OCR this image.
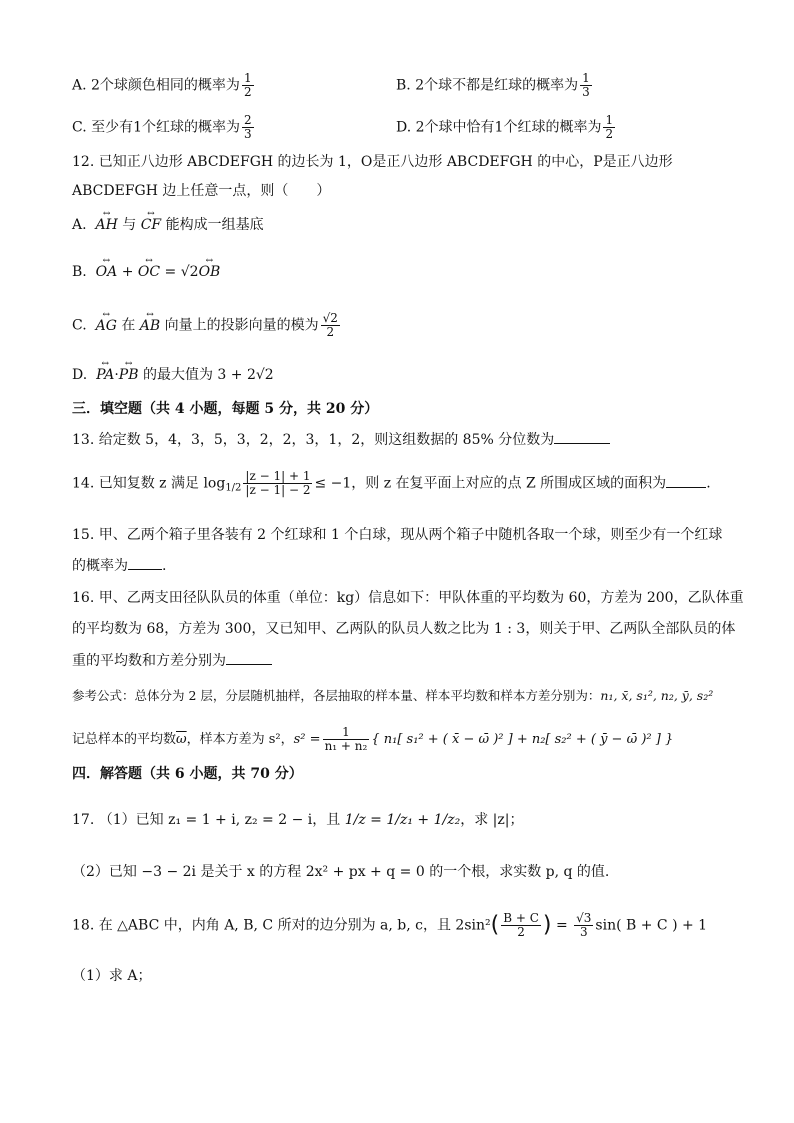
A. 2个球颜色相同的概率为 $\frac{1}{2}$	B. 2个球不都是红球的概率为 $\frac{1}{3}$
C. 至少有1个红球的概率为 $\frac{2}{3}$	D. 2个球中恰有1个红球的概率为 $\frac{1}{2}$
12. 已知正八边形 ABCDEFGH 的边长为 1，O是正八边形 ABCDEFGH 的中心，P是正八边形
ABCDEFGH 边上任意一点，则（　　）
A. ↔ AH 与 ↔ CF 能构成一组基底
B. ↔ OA + ↔ OC = √2↔ OB
C. ↔ AG 在 ↔ AB 向量上的投影向量的模为 $\frac{√2}{2}$
D. ↔ PA·↔ PB 的最大值为 3 + 2√2
三．填空题（共 4 小题，每题 5 分，共 20 分）
13. 给定数 5，4，3，5，3，2，2，3，1，2，则这组数据的 85% 分位数为
14. 已知复数 z 满足 $\log_{1/2} \frac{|z - 1| + 1}{|z - 1| - 2} \le -1$，则 z 在复平面上对应的点 Z 所围成区域的面积为	.
15. 甲、乙两个箱子里各装有 2 个红球和 1 个白球，现从两个箱子中随机各取一个球，则至少有一个红球
的概率为 .
16. 甲、乙两支田径队队员的体重（单位：kg）信息如下：甲队体重的平均数为 60，方差为 200，乙队体重
的平均数为 68，方差为 300，又已知甲、乙两队的队员人数之比为 1 : 3，则关于甲、乙两队全部队员的体
重的平均数和方差分别为
参考公式：总体分为 2 层，分层随机抽样，各层抽取的样本量、样本平均数和样本方差分别为：n₁, x̄, s₁², n₂, ȳ, s₂²
记总样本的平均数$\overline{\omega}$，样本方差为 s²，$s^2 = \frac{1}{\text{n₁ + n₂}}$ { n₁[ s₁² + ( x̄ − ω̄ )² ] + n₂[ s₂² + ( ȳ − ω̄ )² ] }
四．解答题（共 6 小题，共 70 分）
17. （1）已知 z₁ = 1 + i, z₂ = 2 − i，且 1/z = 1/z₁ + 1/z₂，求 |z|；
（2）已知 −3 − 2i 是关于 x 的方程 2x² + px + q = 0 的一个根，求实数 p, q 的值.
18. 在 △ABC 中，内角 A, B, C 所对的边分别为 a, b, c，且 $2\sin^2( \frac{B + C}{2}$ ) = $\frac{√3}{3} \sin$( B + C ) + 1
（1）求 A；
